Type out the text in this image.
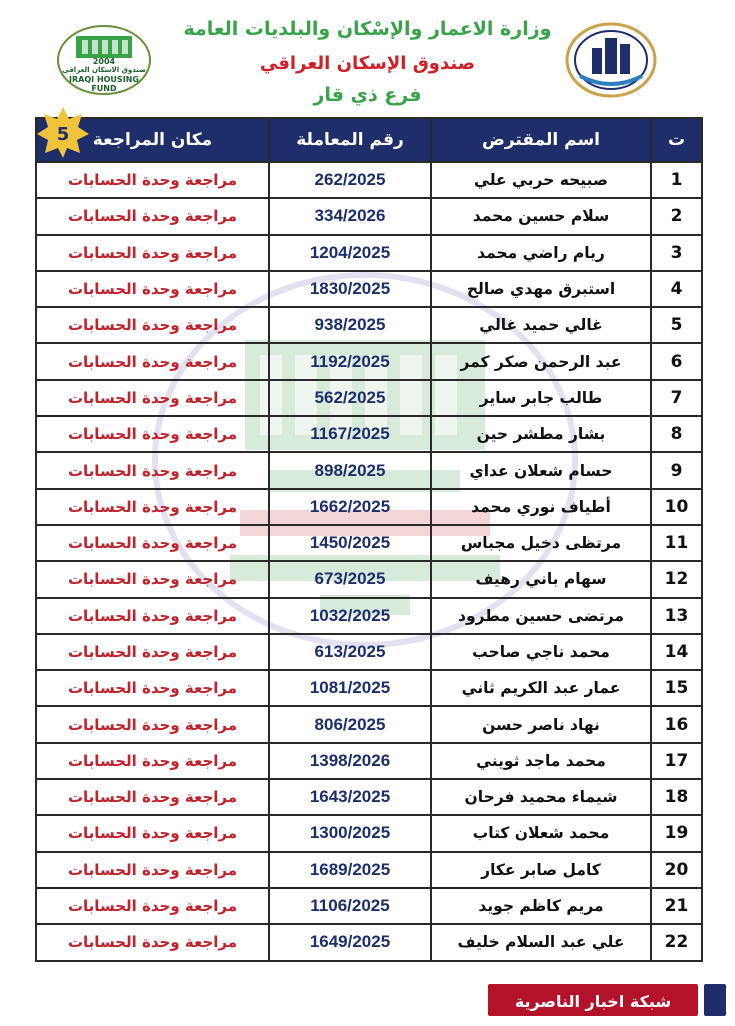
وزارة الاعمار والإسْكان والبلديات العامة
صندوق الإسكان العراقي
فرع ذي قار
2004
صندوق الاسكان العراقي
IRAQI HOUSING
FUND
ت	اسم المقترض	رقم المعاملة	مكان المراجعة
1	صبيحه حربي علي	262/2025	مراجعة وحدة الحسابات
2	سلام حسين محمد	334/2026	مراجعة وحدة الحسابات
3	ريام راضي محمد	1204/2025	مراجعة وحدة الحسابات
4	استبرق مهدي صالح	1830/2025	مراجعة وحدة الحسابات
5	غالي حميد غالي	938/2025	مراجعة وحدة الحسابات
6	عبد الرحمن صكر كمر	1192/2025	مراجعة وحدة الحسابات
7	طالب جابر ساير	562/2025	مراجعة وحدة الحسابات
8	بشار مطشر حين	1167/2025	مراجعة وحدة الحسابات
9	حسام شعلان عداي	898/2025	مراجعة وحدة الحسابات
10	أطياف نوري محمد	1662/2025	مراجعة وحدة الحسابات
11	مرتظى دخيل مجباس	1450/2025	مراجعة وحدة الحسابات
12	سهام باني رهيف	673/2025	مراجعة وحدة الحسابات
13	مرتضى حسين مطرود	1032/2025	مراجعة وحدة الحسابات
14	محمد ناجي صاحب	613/2025	مراجعة وحدة الحسابات
15	عمار عبد الكريم ثاني	1081/2025	مراجعة وحدة الحسابات
16	نهاد ناصر حسن	806/2025	مراجعة وحدة الحسابات
17	محمد ماجد ثويني	1398/2026	مراجعة وحدة الحسابات
18	شيماء محميد فرحان	1643/2025	مراجعة وحدة الحسابات
19	محمد شعلان كتاب	1300/2025	مراجعة وحدة الحسابات
20	كامل صابر عكار	1689/2025	مراجعة وحدة الحسابات
21	مريم كاظم جويد	1106/2025	مراجعة وحدة الحسابات
22	علي عبد السلام خليف	1649/2025	مراجعة وحدة الحسابات
5
شبكة اخبار الناصرية
